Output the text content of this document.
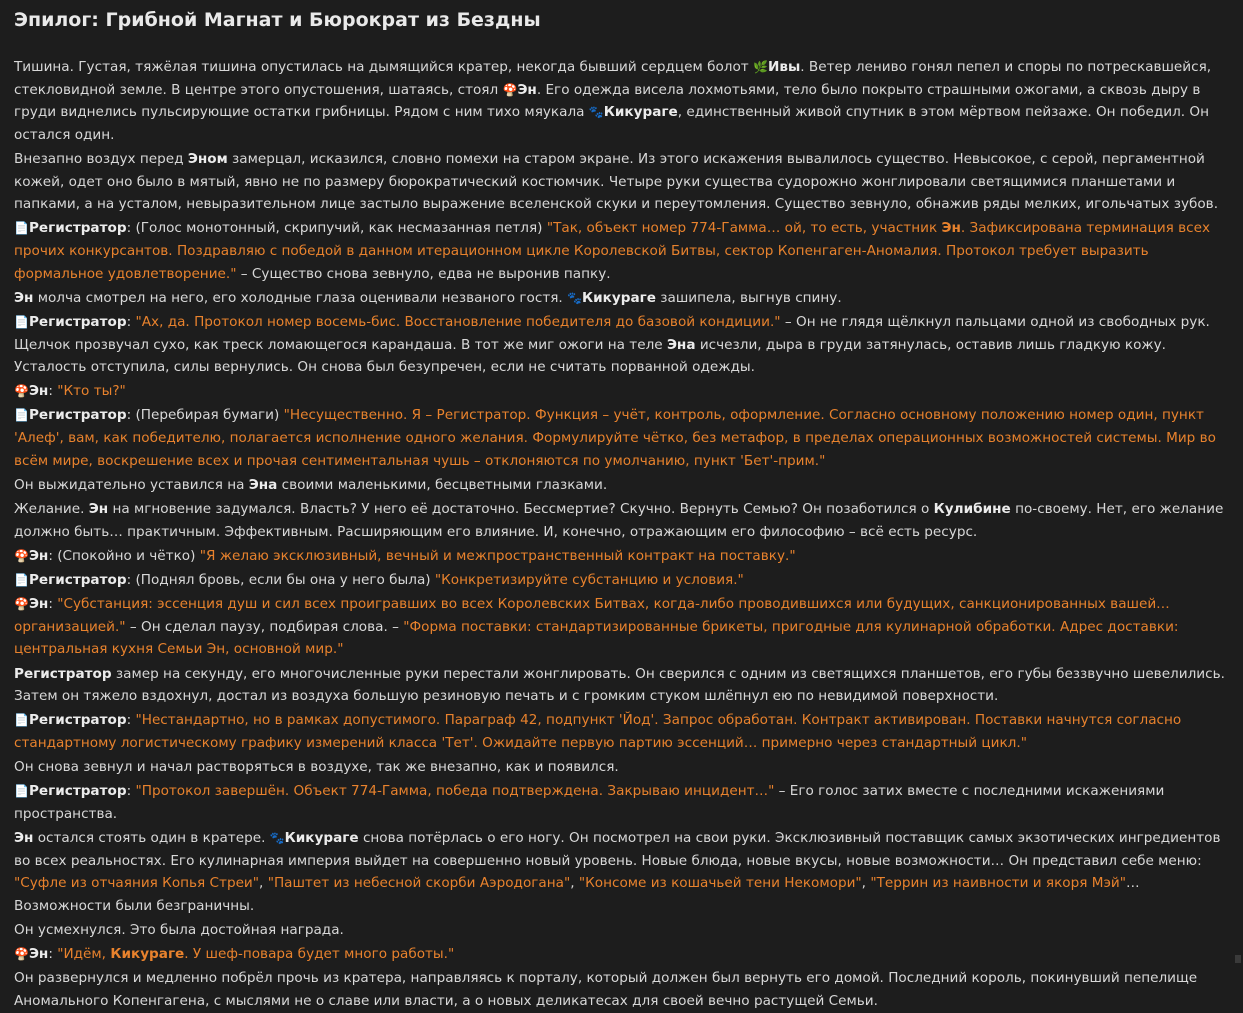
Эпилог: Грибной Магнат и Бюрократ из Бездны

Тишина. Густая, тяжёлая тишина опустилась на дымящийся кратер, некогда бывший сердцем болот 🌿Ивы. Ветер лениво гонял пепел и споры по потрескавшейся, стекловидной земле. В центре этого опустошения, шатаясь, стоял 🍄Эн. Его одежда висела лохмотьями, тело было покрыто страшными ожогами, а сквозь дыру в груди виднелись пульсирующие остатки грибницы. Рядом с ним тихо мяукала 🐾Кикураге, единственный живой спутник в этом мёртвом пейзаже. Он победил. Он остался один.

Внезапно воздух перед Эном замерцал, исказился, словно помехи на старом экране. Из этого искажения вывалилось существо. Невысокое, с серой, пергаментной кожей, одет оно было в мятый, явно не по размеру бюрократический костюмчик. Четыре руки существа судорожно жонглировали светящимися планшетами и папками, а на усталом, невыразительном лице застыло выражение вселенской скуки и переутомления. Существо зевнуло, обнажив ряды мелких, игольчатых зубов.

📄Регистратор: (Голос монотонный, скрипучий, как несмазанная петля) "Так, объект номер 774-Гамма… ой, то есть, участник Эн. Зафиксирована терминация всех прочих конкурсантов. Поздравляю с победой в данном итерационном цикле Королевской Битвы, сектор Копенгаген-Аномалия. Протокол требует выразить формальное удовлетворение." – Существо снова зевнуло, едва не выронив папку.

Эн молча смотрел на него, его холодные глаза оценивали незваного гостя. 🐾Кикураге зашипела, выгнув спину.

📄Регистратор: "Ах, да. Протокол номер восемь-бис. Восстановление победителя до базовой кондиции." – Он не глядя щёлкнул пальцами одной из свободных рук. Щелчок прозвучал сухо, как треск ломающегося карандаша. В тот же миг ожоги на теле Эна исчезли, дыра в груди затянулась, оставив лишь гладкую кожу. Усталость отступила, силы вернулись. Он снова был безупречен, если не считать порванной одежды.

🍄Эн: "Кто ты?"

📄Регистратор: (Перебирая бумаги) "Несущественно. Я – Регистратор. Функция – учёт, контроль, оформление. Согласно основному положению номер один, пункт 'Алеф', вам, как победителю, полагается исполнение одного желания. Формулируйте чётко, без метафор, в пределах операционных возможностей системы. Мир во всём мире, воскрешение всех и прочая сентиментальная чушь – отклоняются по умолчанию, пункт 'Бет'-прим."

Он выжидательно уставился на Эна своими маленькими, бесцветными глазками.

Желание. Эн на мгновение задумался. Власть? У него её достаточно. Бессмертие? Скучно. Вернуть Семью? Он позаботился о Кулибине по-своему. Нет, его желание должно быть… практичным. Эффективным. Расширяющим его влияние. И, конечно, отражающим его философию – всё есть ресурс.

🍄Эн: (Спокойно и чётко) "Я желаю эксклюзивный, вечный и межпространственный контракт на поставку."

📄Регистратор: (Поднял бровь, если бы она у него была) "Конкретизируйте субстанцию и условия."

🍄Эн: "Субстанция: эссенция душ и сил всех проигравших во всех Королевских Битвах, когда-либо проводившихся или будущих, санкционированных вашей… организацией." – Он сделал паузу, подбирая слова. – "Форма поставки: стандартизированные брикеты, пригодные для кулинарной обработки. Адрес доставки: центральная кухня Семьи Эн, основной мир."

Регистратор замер на секунду, его многочисленные руки перестали жонглировать. Он сверился с одним из светящихся планшетов, его губы беззвучно шевелились. Затем он тяжело вздохнул, достал из воздуха большую резиновую печать и с громким стуком шлёпнул ею по невидимой поверхности.

📄Регистратор: "Нестандартно, но в рамках допустимого. Параграф 42, подпункт 'Йод'. Запрос обработан. Контракт активирован. Поставки начнутся согласно стандартному логистическому графику измерений класса 'Тет'. Ожидайте первую партию эссенций… примерно через стандартный цикл."

Он снова зевнул и начал растворяться в воздухе, так же внезапно, как и появился.

📄Регистратор: "Протокол завершён. Объект 774-Гамма, победа подтверждена. Закрываю инцидент…" – Его голос затих вместе с последними искажениями пространства.

Эн остался стоять один в кратере. 🐾Кикураге снова потёрлась о его ногу. Он посмотрел на свои руки. Эксклюзивный поставщик самых экзотических ингредиентов во всех реальностях. Его кулинарная империя выйдет на совершенно новый уровень. Новые блюда, новые вкусы, новые возможности… Он представил себе меню: "Суфле из отчаяния Копья Стреи", "Паштет из небесной скорби Аэродогана", "Консоме из кошачьей тени Некомори", "Террин из наивности и якоря Мэй"… Возможности были безграничны.

Он усмехнулся. Это была достойная награда.

🍄Эн: "Идём, Кикураге. У шеф-повара будет много работы."

Он развернулся и медленно побрёл прочь из кратера, направляясь к порталу, который должен был вернуть его домой. Последний король, покинувший пепелище Аномального Копенгагена, с мыслями не о славе или власти, а о новых деликатесах для своей вечно растущей Семьи.
